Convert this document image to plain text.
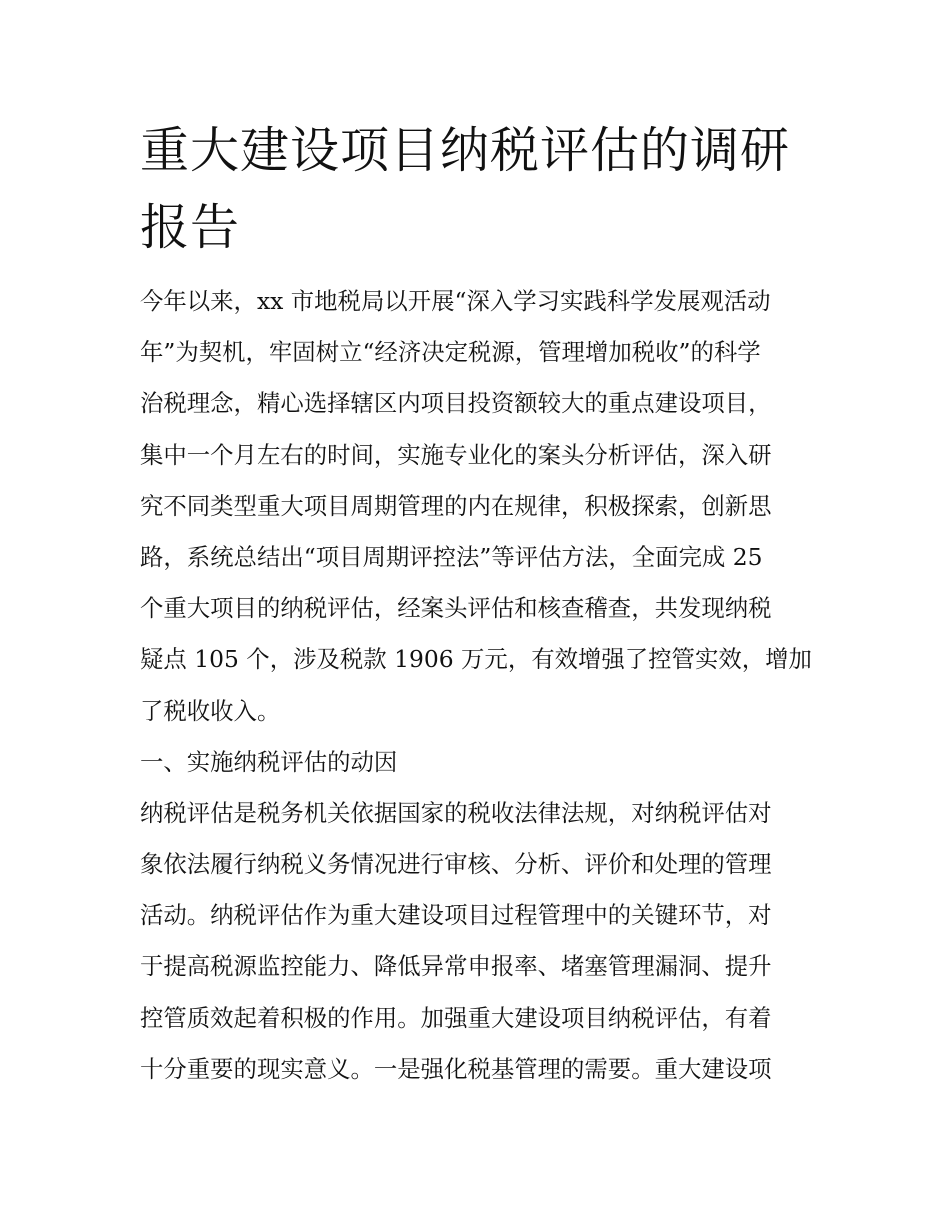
重大建设项目纳税评估的调研
报告

今年以来，xx 市地税局以开展“深入学习实践科学发展观活动

年”为契机，牢固树立“经济决定税源，管理增加税收”的科学

治税理念，精心选择辖区内项目投资额较大的重点建设项目，

集中一个月左右的时间，实施专业化的案头分析评估，深入研

究不同类型重大项目周期管理的内在规律，积极探索，创新思

路，系统总结出“项目周期评控法”等评估方法，全面完成 25

个重大项目的纳税评估，经案头评估和核查稽查，共发现纳税

疑点 105 个，涉及税款 1906 万元，有效增强了控管实效，增加

了税收收入。

一、实施纳税评估的动因

纳税评估是税务机关依据国家的税收法律法规，对纳税评估对

象依法履行纳税义务情况进行审核、分析、评价和处理的管理

活动。纳税评估作为重大建设项目过程管理中的关键环节，对

于提高税源监控能力、降低异常申报率、堵塞管理漏洞、提升

控管质效起着积极的作用。加强重大建设项目纳税评估，有着

十分重要的现实意义。一是强化税基管理的需要。重大建设项
